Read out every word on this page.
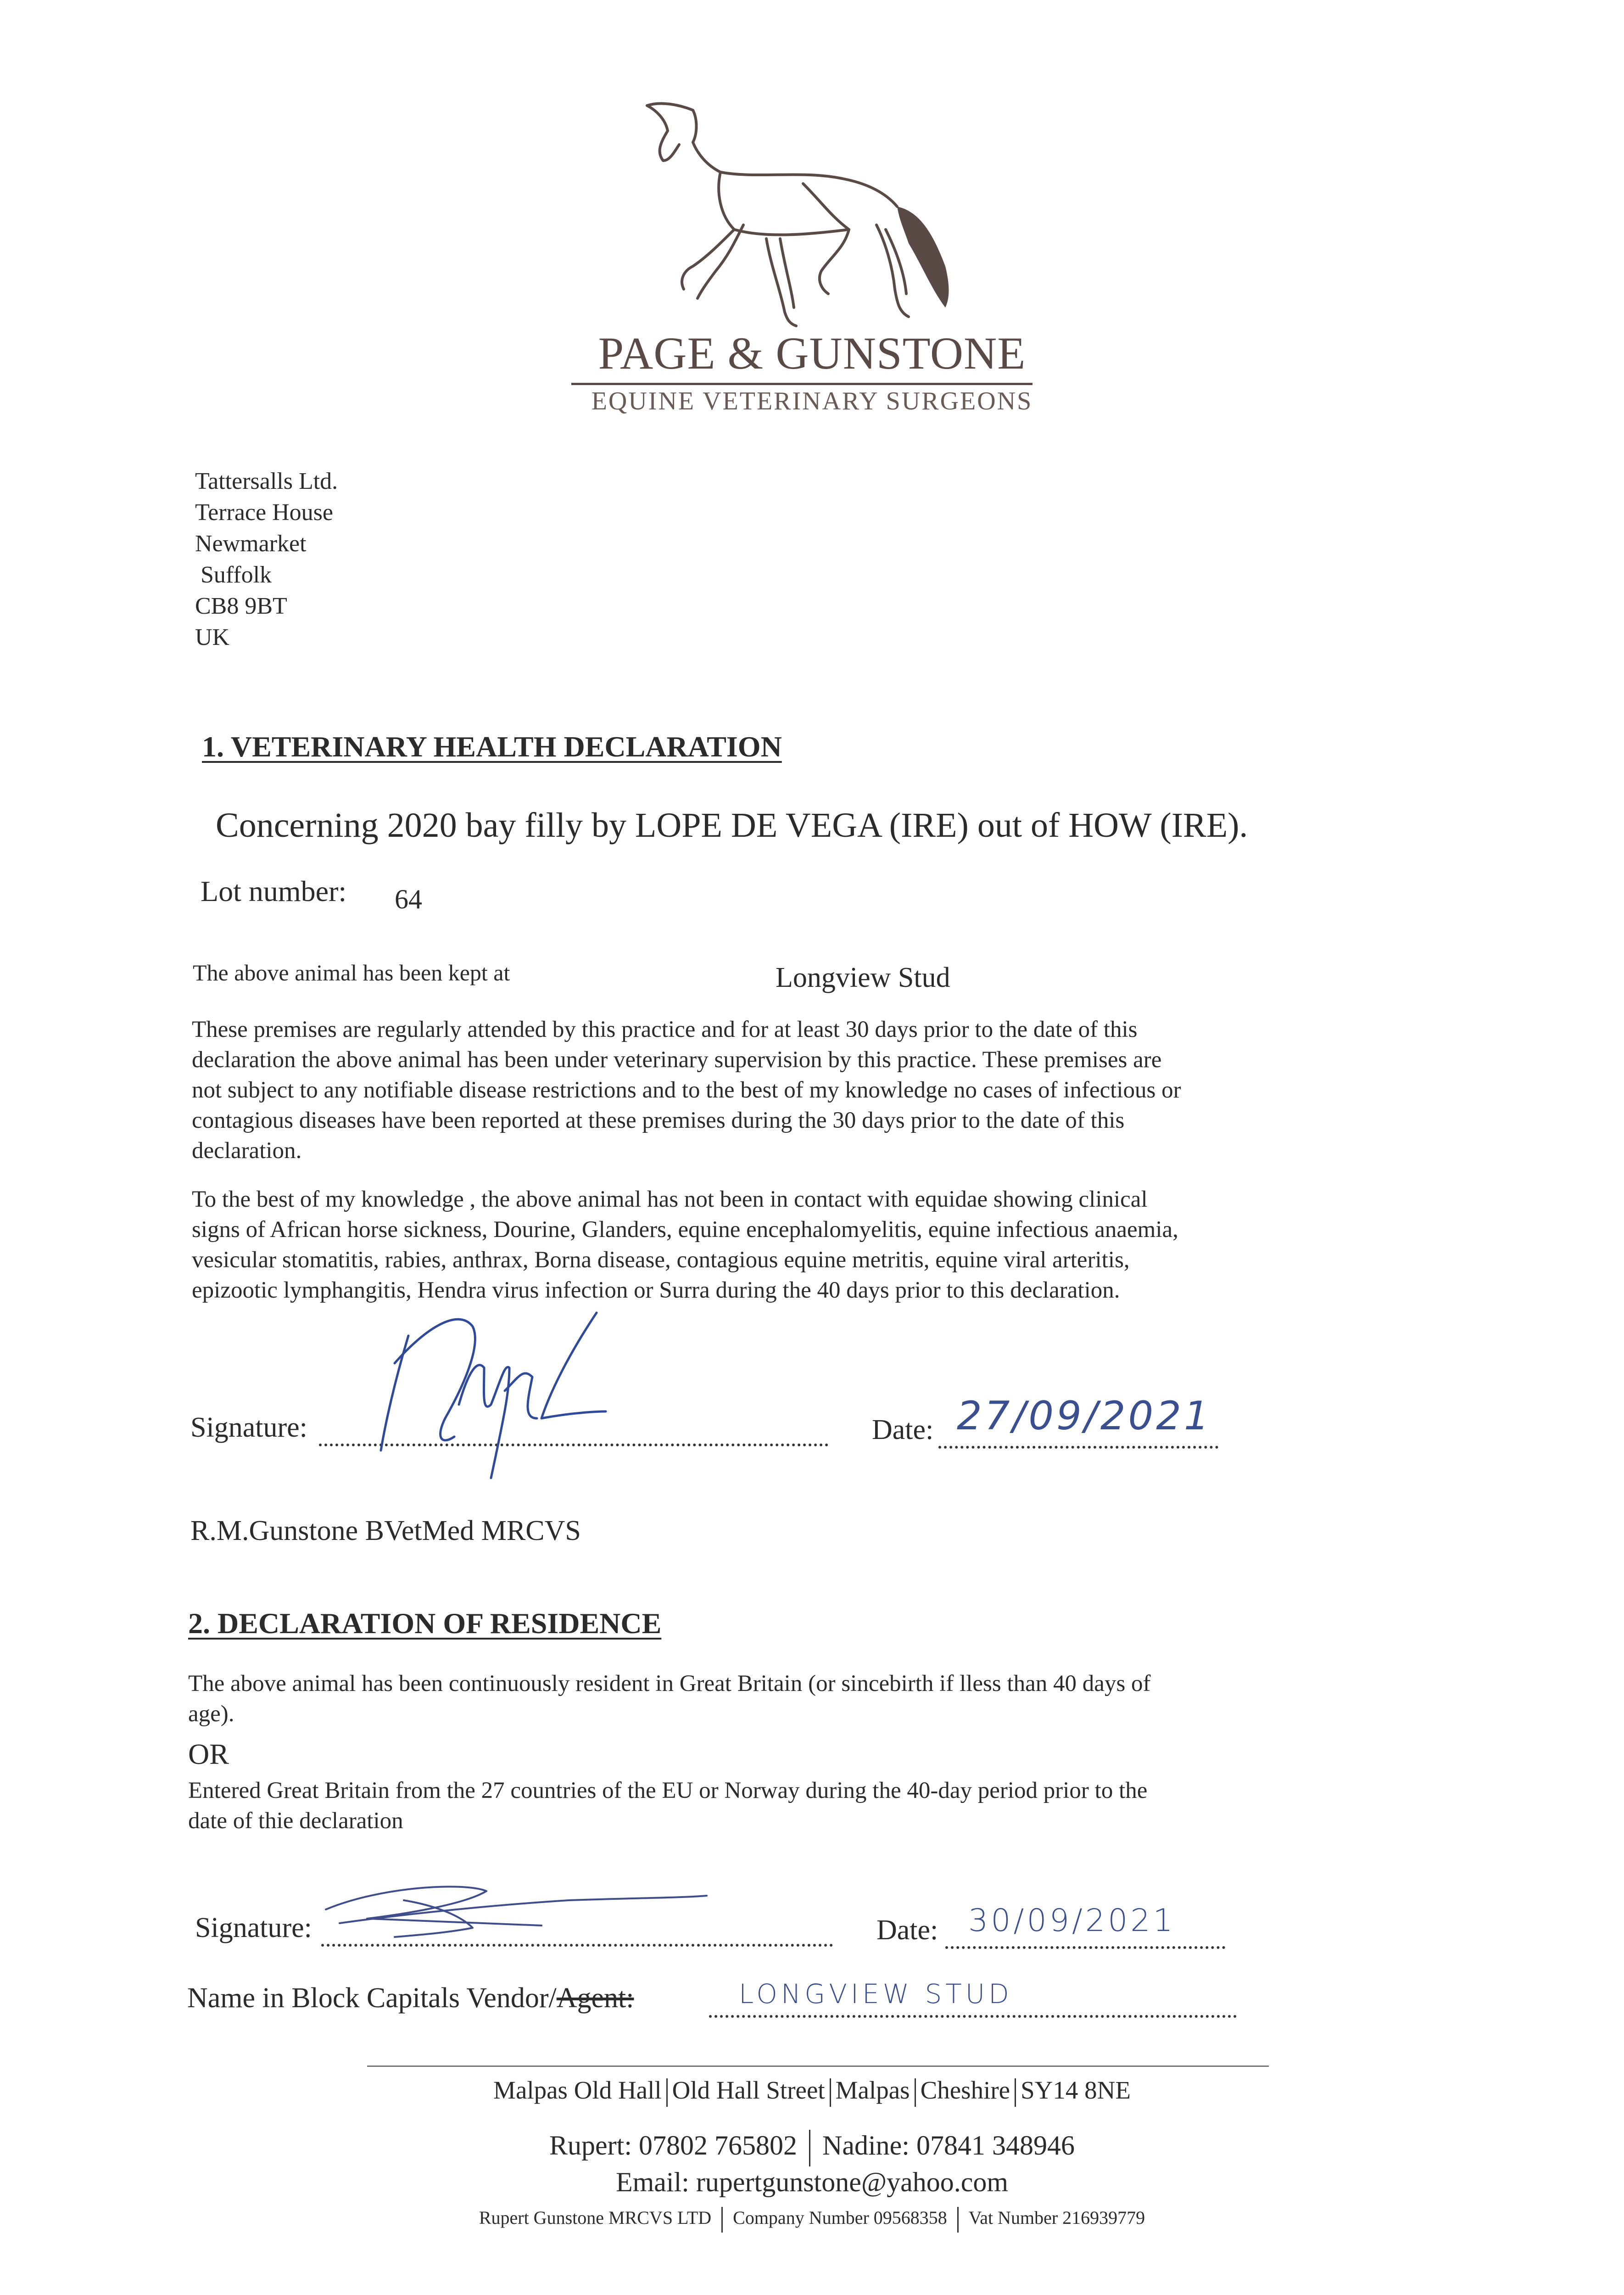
PAGE & GUNSTONE
EQUINE VETERINARY SURGEONS
Tattersalls Ltd.
Terrace House
Newmarket
Suffolk
CB8 9BT
UK
1. VETERINARY HEALTH DECLARATION
Concerning 2020 bay filly by LOPE DE VEGA (IRE) out of HOW (IRE).
Lot number: 64
The above animal has been kept at	Longview Stud
These premises are regularly attended by this practice and for at least 30 days prior to the date of this
declaration the above animal has been under veterinary supervision by this practice. These premises are
not subject to any notifiable disease restrictions and to the best of my knowledge no cases of infectious or
contagious diseases have been reported at these premises during the 30 days prior to the date of this
declaration.
To the best of my knowledge , the above animal has not been in contact with equidae showing clinical
signs of African horse sickness, Dourine, Glanders, equine encephalomyelitis, equine infectious anaemia,
vesicular stomatitis, rabies, anthrax, Borna disease, contagious equine metritis, equine viral arteritis,
epizootic lymphangitis, Hendra virus infection or Surra during the 40 days prior to this declaration.
Signature:	Date: 27/09/2021
R.M.Gunstone BVetMed MRCVS
2. DECLARATION OF RESIDENCE
The above animal has been continuously resident in Great Britain (or sincebirth if lless than 40 days of
age).
OR
Entered Great Britain from the 27 countries of the EU or Norway during the 40-day period prior to the
date of thie declaration
Signature:	Date: 30/09/2021
Name in Block Capitals Vendor/Agent:	LONGVIEW STUD
Malpas Old Hall Old Hall Street Malpas Cheshire SY14 8NE
Rupert: 07802 765802 Nadine: 07841 348946
Email: rupertgunstone@yahoo.com
Rupert Gunstone MRCVS LTD Company Number 09568358 Vat Number 216939779
